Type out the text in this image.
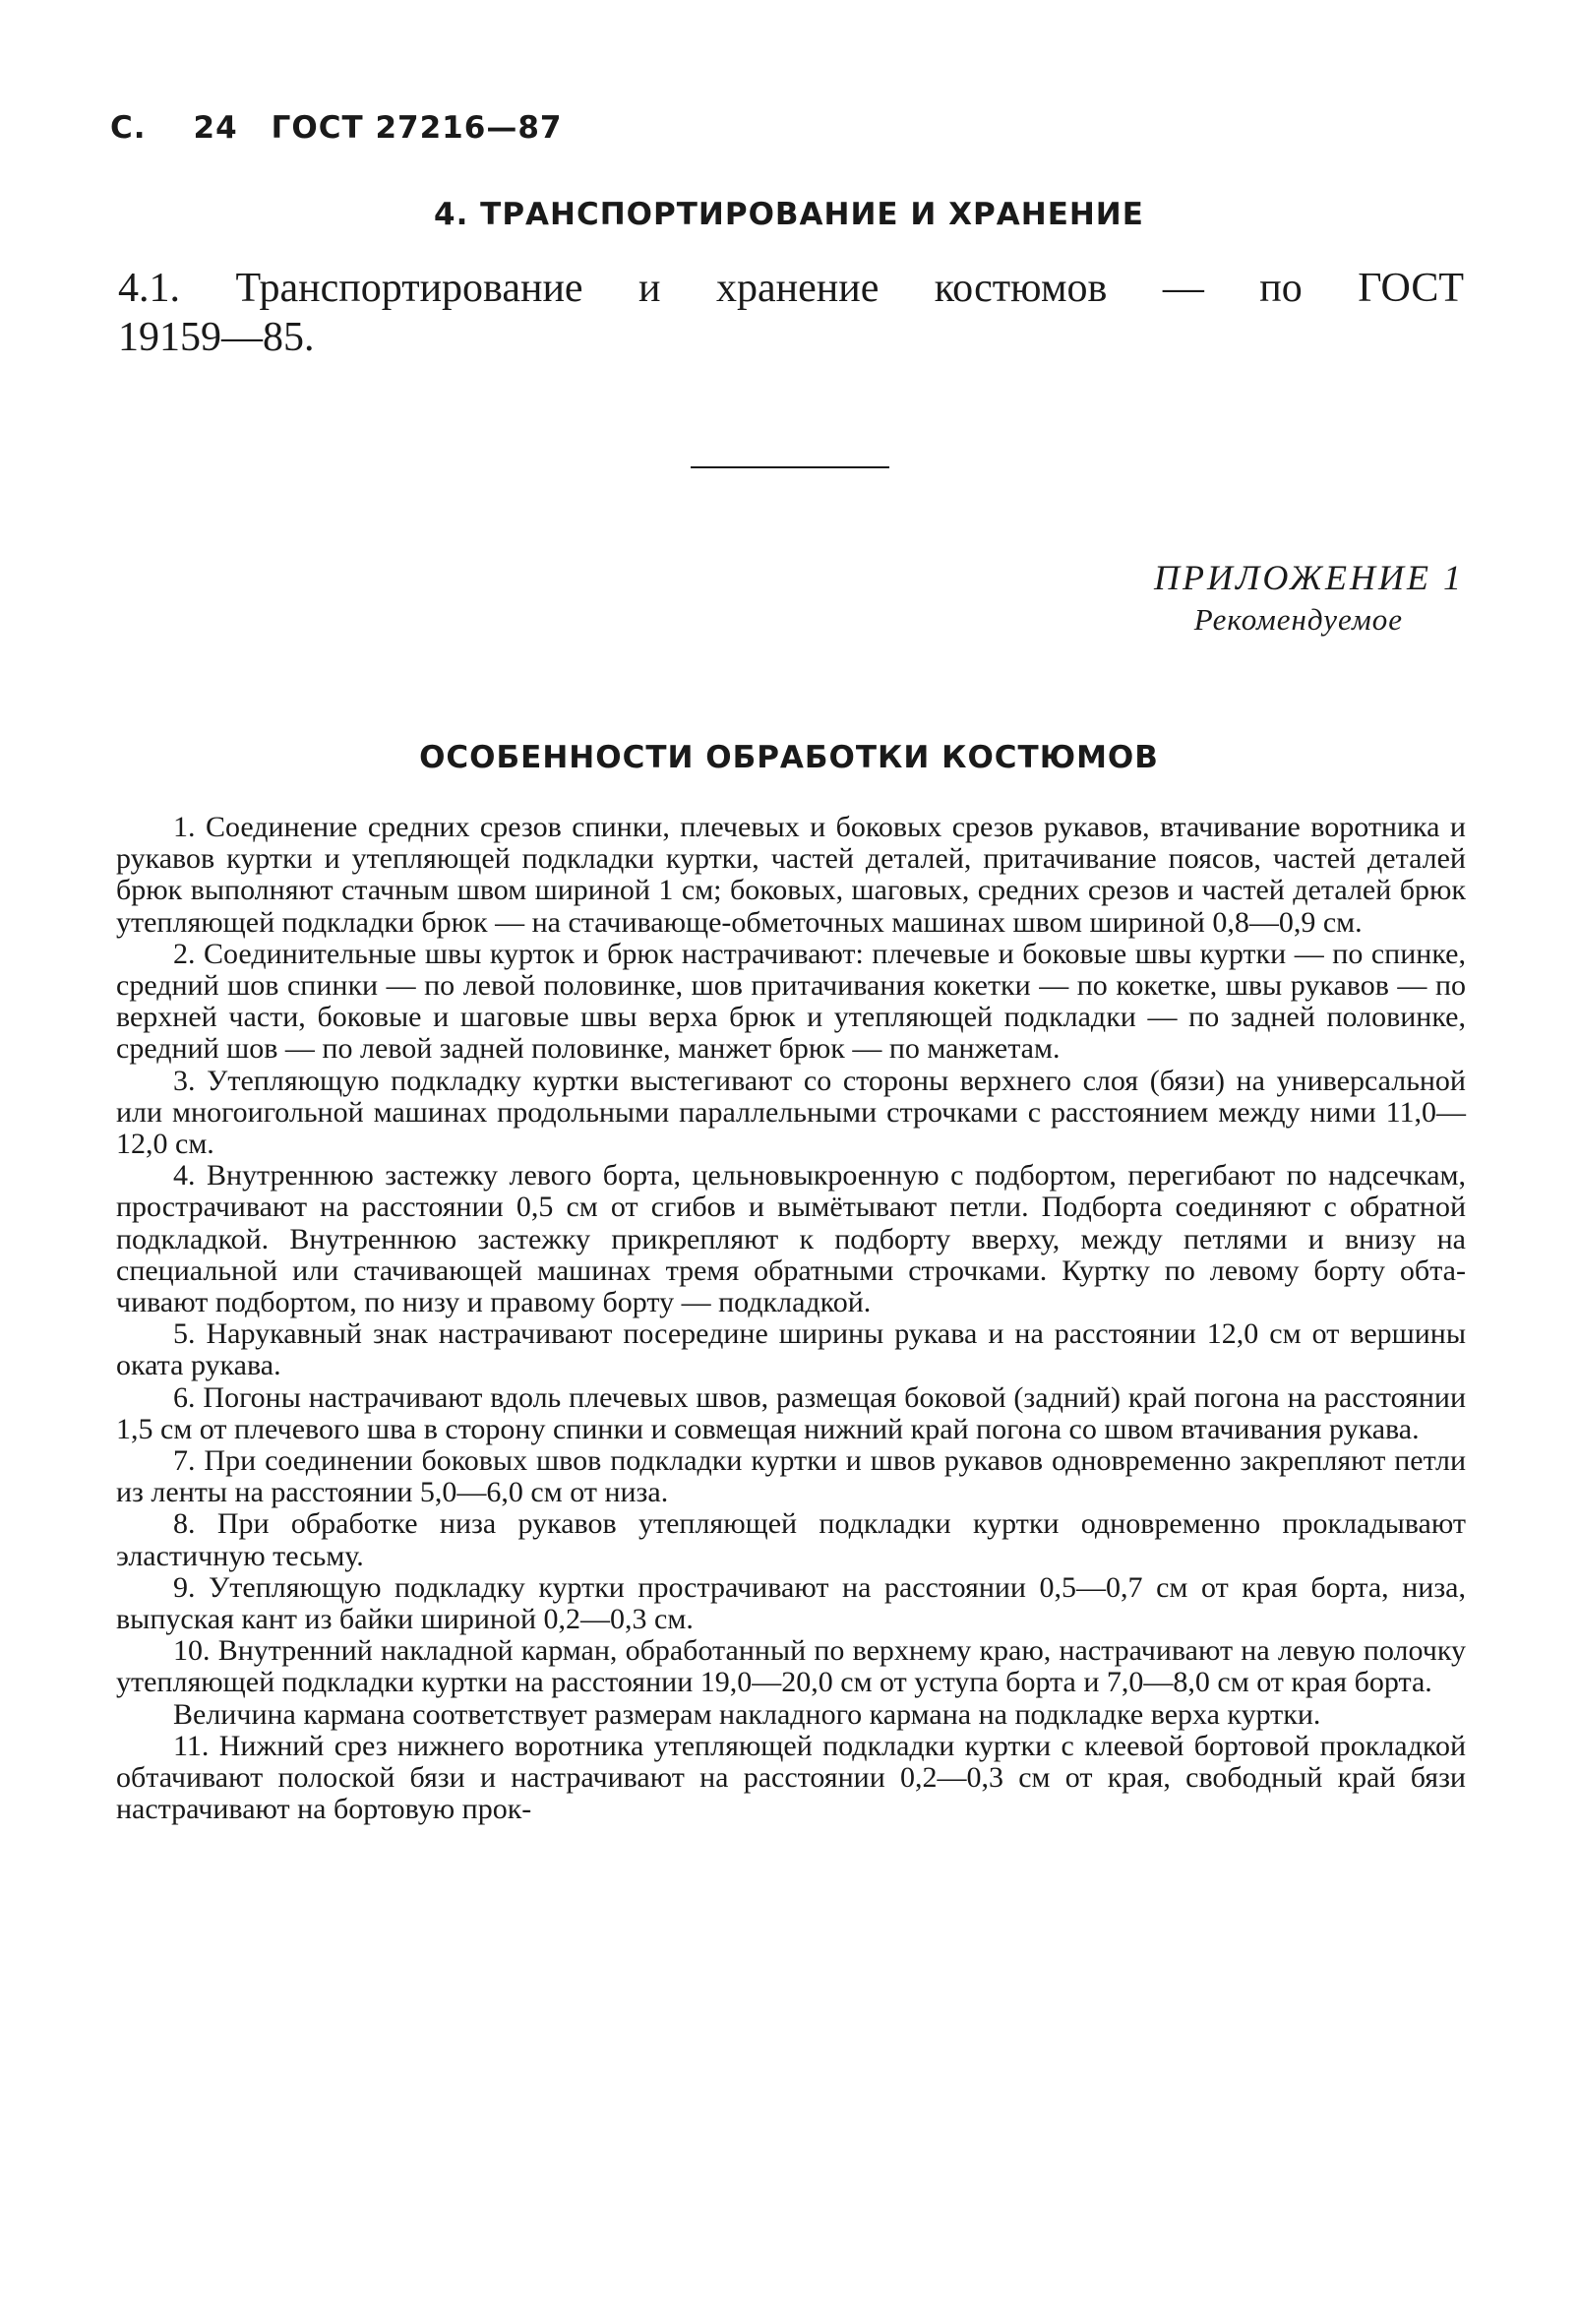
С. 24 ГОСТ 27216—87
4. ТРАНСПОРТИРОВАНИЕ И ХРАНЕНИЕ
4.1. Транспортирование и хранение костюмов — по ГОСТ
19159—85.
ПРИЛОЖЕНИЕ 1
Рекомендуемое
ОСОБЕННОСТИ ОБРАБОТКИ КОСТЮМОВ

1. Соединение средних срезов спинки, плечевых и боковых срезов рукавов, втачивание воротника и рукавов куртки и утепляющей подкладки куртки, частей деталей, притачивание поясов, частей деталей брюк выполняют стачным швом шириной 1 см; боковых, шаговых, средних срезов и частей деталей брюк утепляющей подкладки брюк — на стачивающе-обметочных машинах швом шириной 0,8—0,9 см.

2. Соединительные швы курток и брюк настрачивают: плечевые и боковые швы куртки — по спинке, средний шов спинки — по левой половинке, шов притачивания кокетки — по кокетке, швы рукавов — по верхней части, боковые и шаговые швы верха брюк и утепляющей подкладки — по задней половинке, средний шов — по левой задней половинке, манжет брюк — по манжетам.

3. Утепляющую подкладку куртки выстегивают со стороны верхнего слоя (бязи) на универсальной или многоигольной машинах продольными параллельными строчками с расстоянием между ними 11,0—12,0 см.

4. Внутреннюю застежку левого борта, цельновыкроенную с подбортом, перегибают по надсечкам, прострачивают на расстоянии 0,5 см от сгибов и вымётывают петли. Подборта соединяют с обратной подкладкой. Внутреннюю застежку прикрепляют к подборту вверху, между петлями и внизу на специальной или стачивающей машинах тремя обратными строчками. Куртку по левому борту обтачивают подбортом, по низу и правому борту — подкладкой.

5. Нарукавный знак настрачивают посередине ширины рукава и на расстоянии 12,0 см от вершины оката рукава.

6. Погоны настрачивают вдоль плечевых швов, размещая боковой (задний) край погона на расстоянии 1,5 см от плечевого шва в сторону спинки и совмещая нижний край погона со швом втачивания рукава.

7. При соединении боковых швов подкладки куртки и швов рукавов одновременно закрепляют петли из ленты на расстоянии 5,0—6,0 см от низа.

8. При обработке низа рукавов утепляющей подкладки куртки одновременно прокладывают эластичную тесьму.

9. Утепляющую подкладку куртки прострачивают на расстоянии 0,5—0,7 см от края борта, низа, выпуская кант из байки шириной 0,2—0,3 см.

10. Внутренний накладной карман, обработанный по верхнему краю, настрачивают на левую полочку утепляющей подкладки куртки на расстоянии 19,0—20,0 см от уступа борта и 7,0—8,0 см от края борта.

Величина кармана соответствует размерам накладного кармана на подкладке верха куртки.

11. Нижний срез нижнего воротника утепляющей подкладки куртки с клеевой бортовой прокладкой обтачивают полоской бязи и настрачивают на расстоянии 0,2—0,3 см от края, свободный край бязи настрачивают на бортовую прок-
